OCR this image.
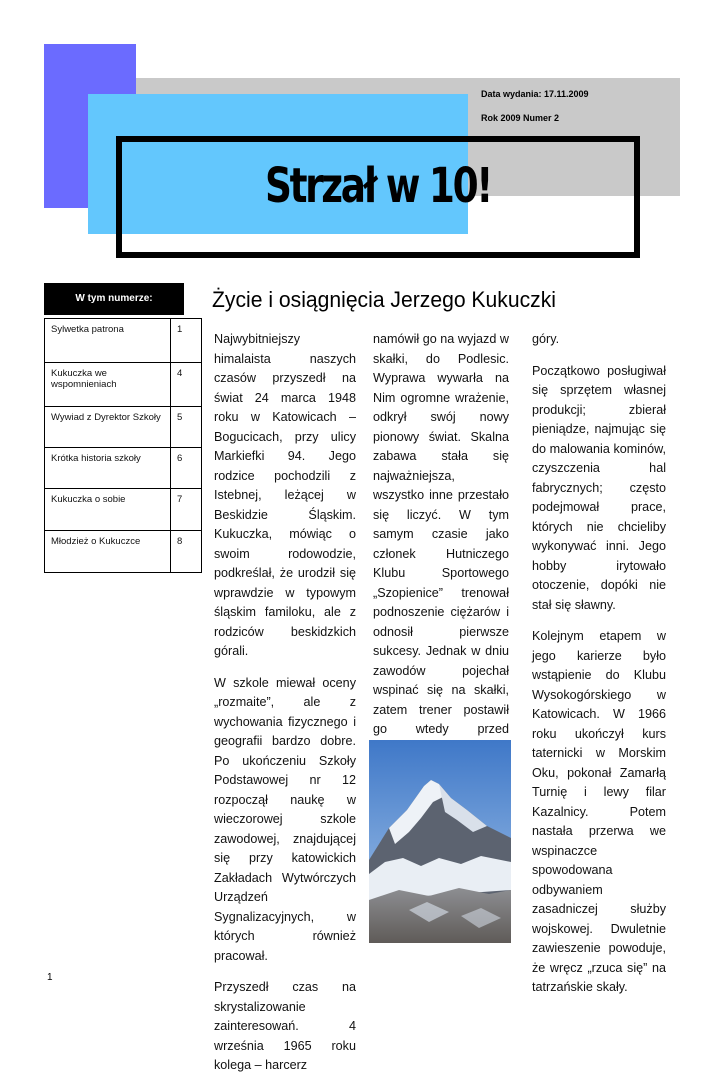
Strzał w 10!
Data wydania: 17.11.2009
Rok 2009 Numer 2
W tym numerze:
Sylwetka patrona	1
Kukuczka we wspomnieniach	4
Wywiad z Dyrektor Szkoły	5
Krótka historia szkoły	6
Kukuczka o sobie	7
Młodzież o Kukuczce	8
Życie i osiągnięcia Jerzego Kukuczki

Najwybitniejszy himalaista naszych czasów przyszedł na świat 24 marca 1948 roku w Katowicach – Bogucicach, przy ulicy Markiefki 94. Jego rodzice pochodzili z Istebnej, leżącej w Beskidzie Śląskim. Kukuczka, mówiąc o swoim rodowodzie, podkreślał, że urodził się wprawdzie w typowym śląskim familoku, ale z rodziców beskidzkich górali.

W szkole miewał oceny „rozmaite”, ale z wychowania fizycznego i geografii bardzo dobre. Po ukończeniu Szkoły Podstawowej nr 12 rozpoczął naukę w wieczorowej szkole zawodowej, znajdującej się przy katowickich Zakładach Wytwórczych Urządzeń Sygnalizacyjnych, w których również pracował.

Przyszedł czas na skrystalizowanie zainteresowań. 4 września 1965 roku kolega – harcerz

namówił go na wyjazd w skałki, do Podlesic. Wyprawa wywarła na Nim ogromne wrażenie, odkrył swój nowy pionowy świat. Skalna zabawa stała się najważniejsza, wszystko inne przestało się liczyć. W tym samym czasie jako członek Hutniczego Klubu Sportowego „Szopienice” trenował podnoszenie ciężarów i odnosił pierwsze sukcesy. Jednak w dniu zawodów pojechał wspinać się na skałki, zatem trener postawił go wtedy przed

góry.

Początkowo posługiwał się sprzętem własnej produkcji; zbierał pieniądze, najmując się do malowania kominów, czyszczenia hal fabrycznych; często podejmował prace, których nie chcieliby wykonywać inni. Jego hobby irytowało otoczenie, dopóki nie stał się sławny.

Kolejnym etapem w jego karierze było wstąpienie do Klubu Wysokogórskiego w Katowicach. W 1966 roku ukończył kurs taternicki w Morskim Oku, pokonał Zamarłą Turnię i lewy filar Kazalnicy. Potem nastała przerwa we wspinaczce spowodowana odbywaniem zasadniczej służby wojskowej. Dwuletnie zawieszenie powoduje, że wręcz „rzuca się” na tatrzańskie skały.

1
